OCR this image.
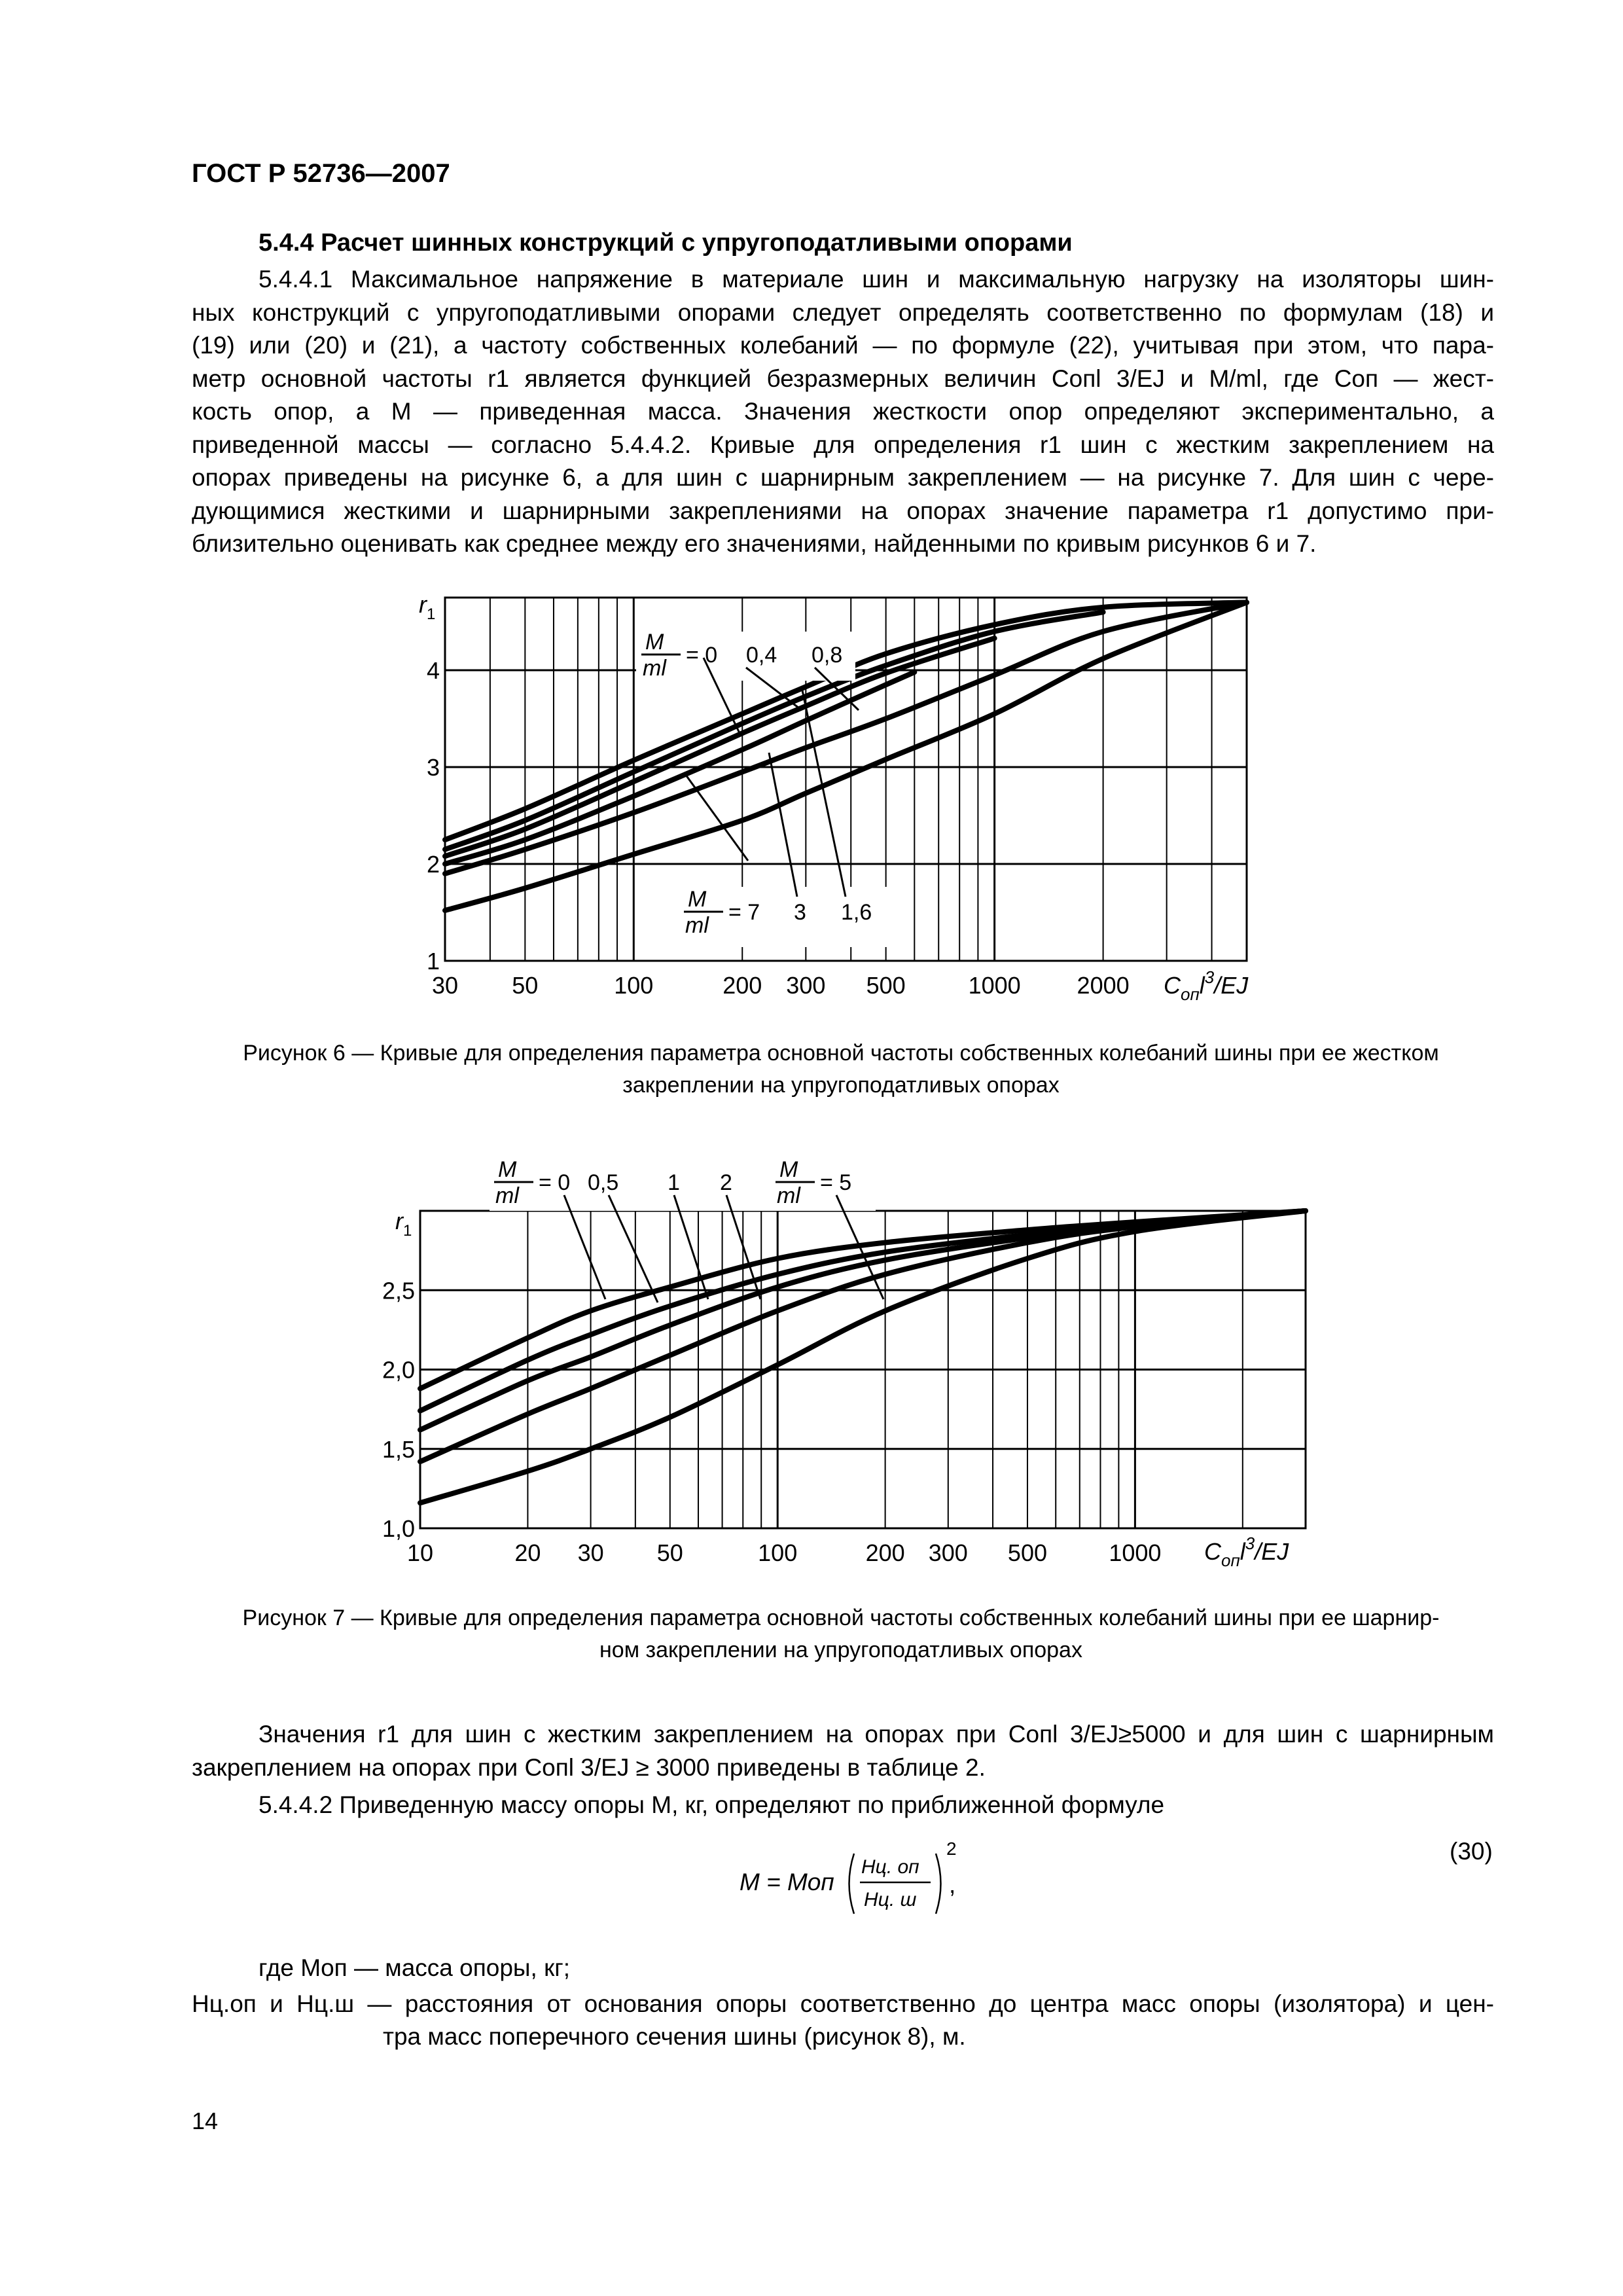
ГОСТ Р 52736—2007
5.4.4 Расчет шинных конструкций с упругоподатливыми опорами
5.4.4.1 Максимальное напряжение в материале шин и максимальную нагрузку на изоляторы шин-
ных конструкций с упругоподатливыми опорами следует определять соответственно по формулам (18) и
(19) или (20) и (21), а частоту собственных колебаний — по формуле (22), учитывая при этом, что пара-
метр основной частоты r1 является функцией безразмерных величин Cопl 3/EJ и M/ml, где Cоп — жест-
кость опор, а M — приведенная масса. Значения жесткости опор определяют экспериментально, а
приведенной массы — согласно 5.4.4.2. Кривые для определения r1 шин с жестким закреплением на
опорах приведены на рисунке 6, а для шин с шарнирным закреплением — на рисунке 7. Для шин с чере-
дующимися жесткими и шарнирными закреплениями на опорах значение параметра r1 допустимо при-
близительно оценивать как среднее между его значениями, найденными по кривым рисунков 6 и 7.
30 50	100	200 300 500	1000 2000
1
2
3
4
M
ml
= 0 0,4 0,8
M
ml
= 7 3 1,6
$r_1$
$C_{оп}l^3/EJ$
10	20 30 50	100	200 300 500	1000
1,0
1,5
2,0
2,5
M
ml
= 0 0,5 1 2
M
ml
= 5
$r_1$
$C_{оп}l^3/EJ$
Рисунок 6 — Кривые для определения параметра основной частоты собственных колебаний шины при ее жестком
закреплении на упругоподатливых опорах
Рисунок 7 — Кривые для определения параметра основной частоты собственных колебаний шины при ее шарнир-
ном закреплении на упругоподатливых опорах
Значения r1 для шин с жестким закреплением на опорах при Cопl 3/EJ≥5000 и для шин с шарнирным
закреплением на опорах при Cопl 3/EJ ≥ 3000 приведены в таблице 2.
5.4.4.2 Приведенную массу опоры M, кг, определяют по приближенной формуле
M = Mоп
Hц. оп
Hц. ш
2
,
(30)
где Mоп — масса опоры, кг;
Hц.оп и Hц.ш — расстояния от основания опоры соответственно до центра масс опоры (изолятора) и цен-
тра масс поперечного сечения шины (рисунок 8), м.
14
